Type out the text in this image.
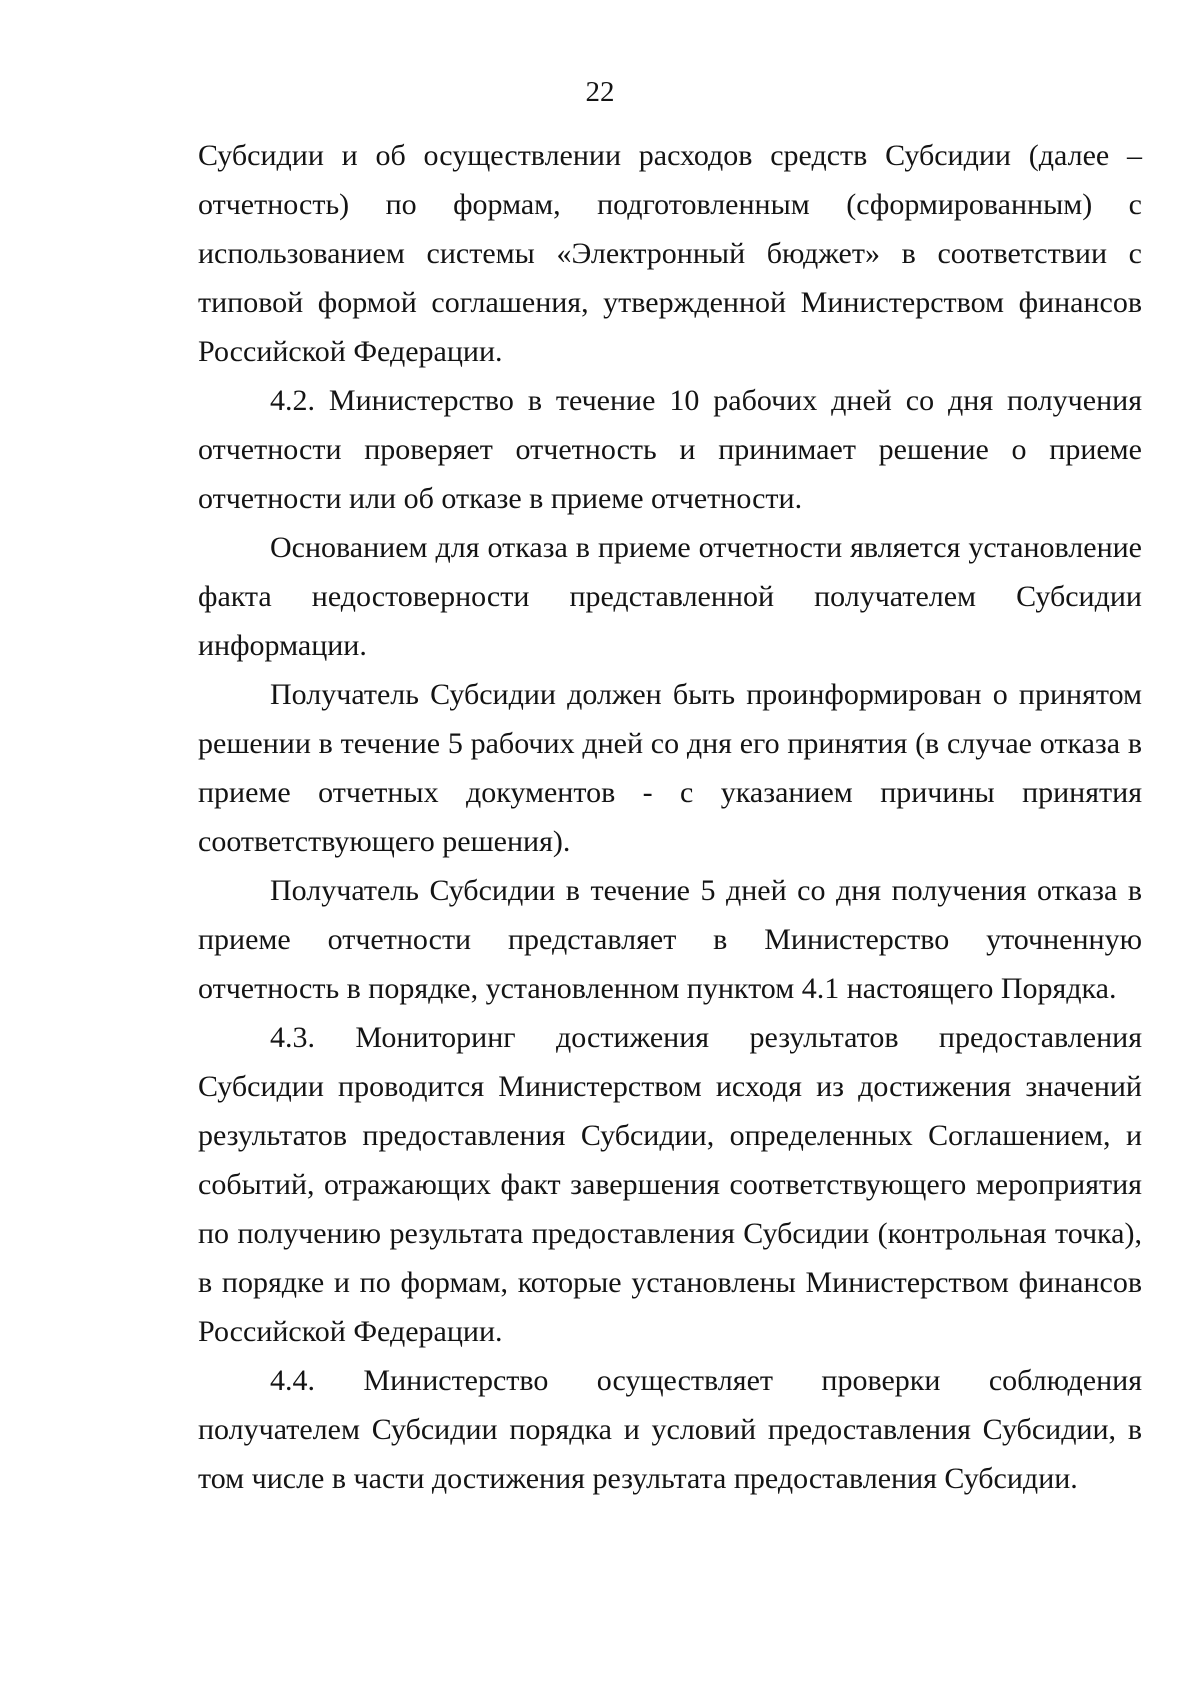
22

Субсидии и об осуществлении расходов средств Субсидии (далее – отчетность) по формам, подготовленным (сформированным) с использованием системы «Электронный бюджет» в соответствии с типовой формой соглашения, утвержденной Министерством финансов Российской Федерации.

4.2. Министерство в течение 10 рабочих дней со дня получения отчетности проверяет отчетность и принимает решение о приеме отчетности или об отказе в приеме отчетности.

Основанием для отказа в приеме отчетности является установление факта недостоверности представленной получателем Субсидии информации.

Получатель Субсидии должен быть проинформирован о принятом решении в течение 5 рабочих дней со дня его принятия (в случае отказа в приеме отчетных документов - с указанием причины принятия соответствующего решения).

Получатель Субсидии в течение 5 дней со дня получения отказа в приеме отчетности представляет в Министерство уточненную отчетность в порядке, установленном пунктом 4.1 настоящего Порядка.

4.3. Мониторинг достижения результатов предоставления Субсидии проводится Министерством исходя из достижения значений результатов предоставления Субсидии, определенных Соглашением, и событий, отражающих факт завершения соответствующего мероприятия по получению результата предоставления Субсидии (контрольная точка), в порядке и по формам, которые установлены Министерством финансов Российской Федерации.

4.4. Министерство осуществляет проверки соблюдения получателем Субсидии порядка и условий предоставления Субсидии, в том числе в части достижения результата предоставления Субсидии.
